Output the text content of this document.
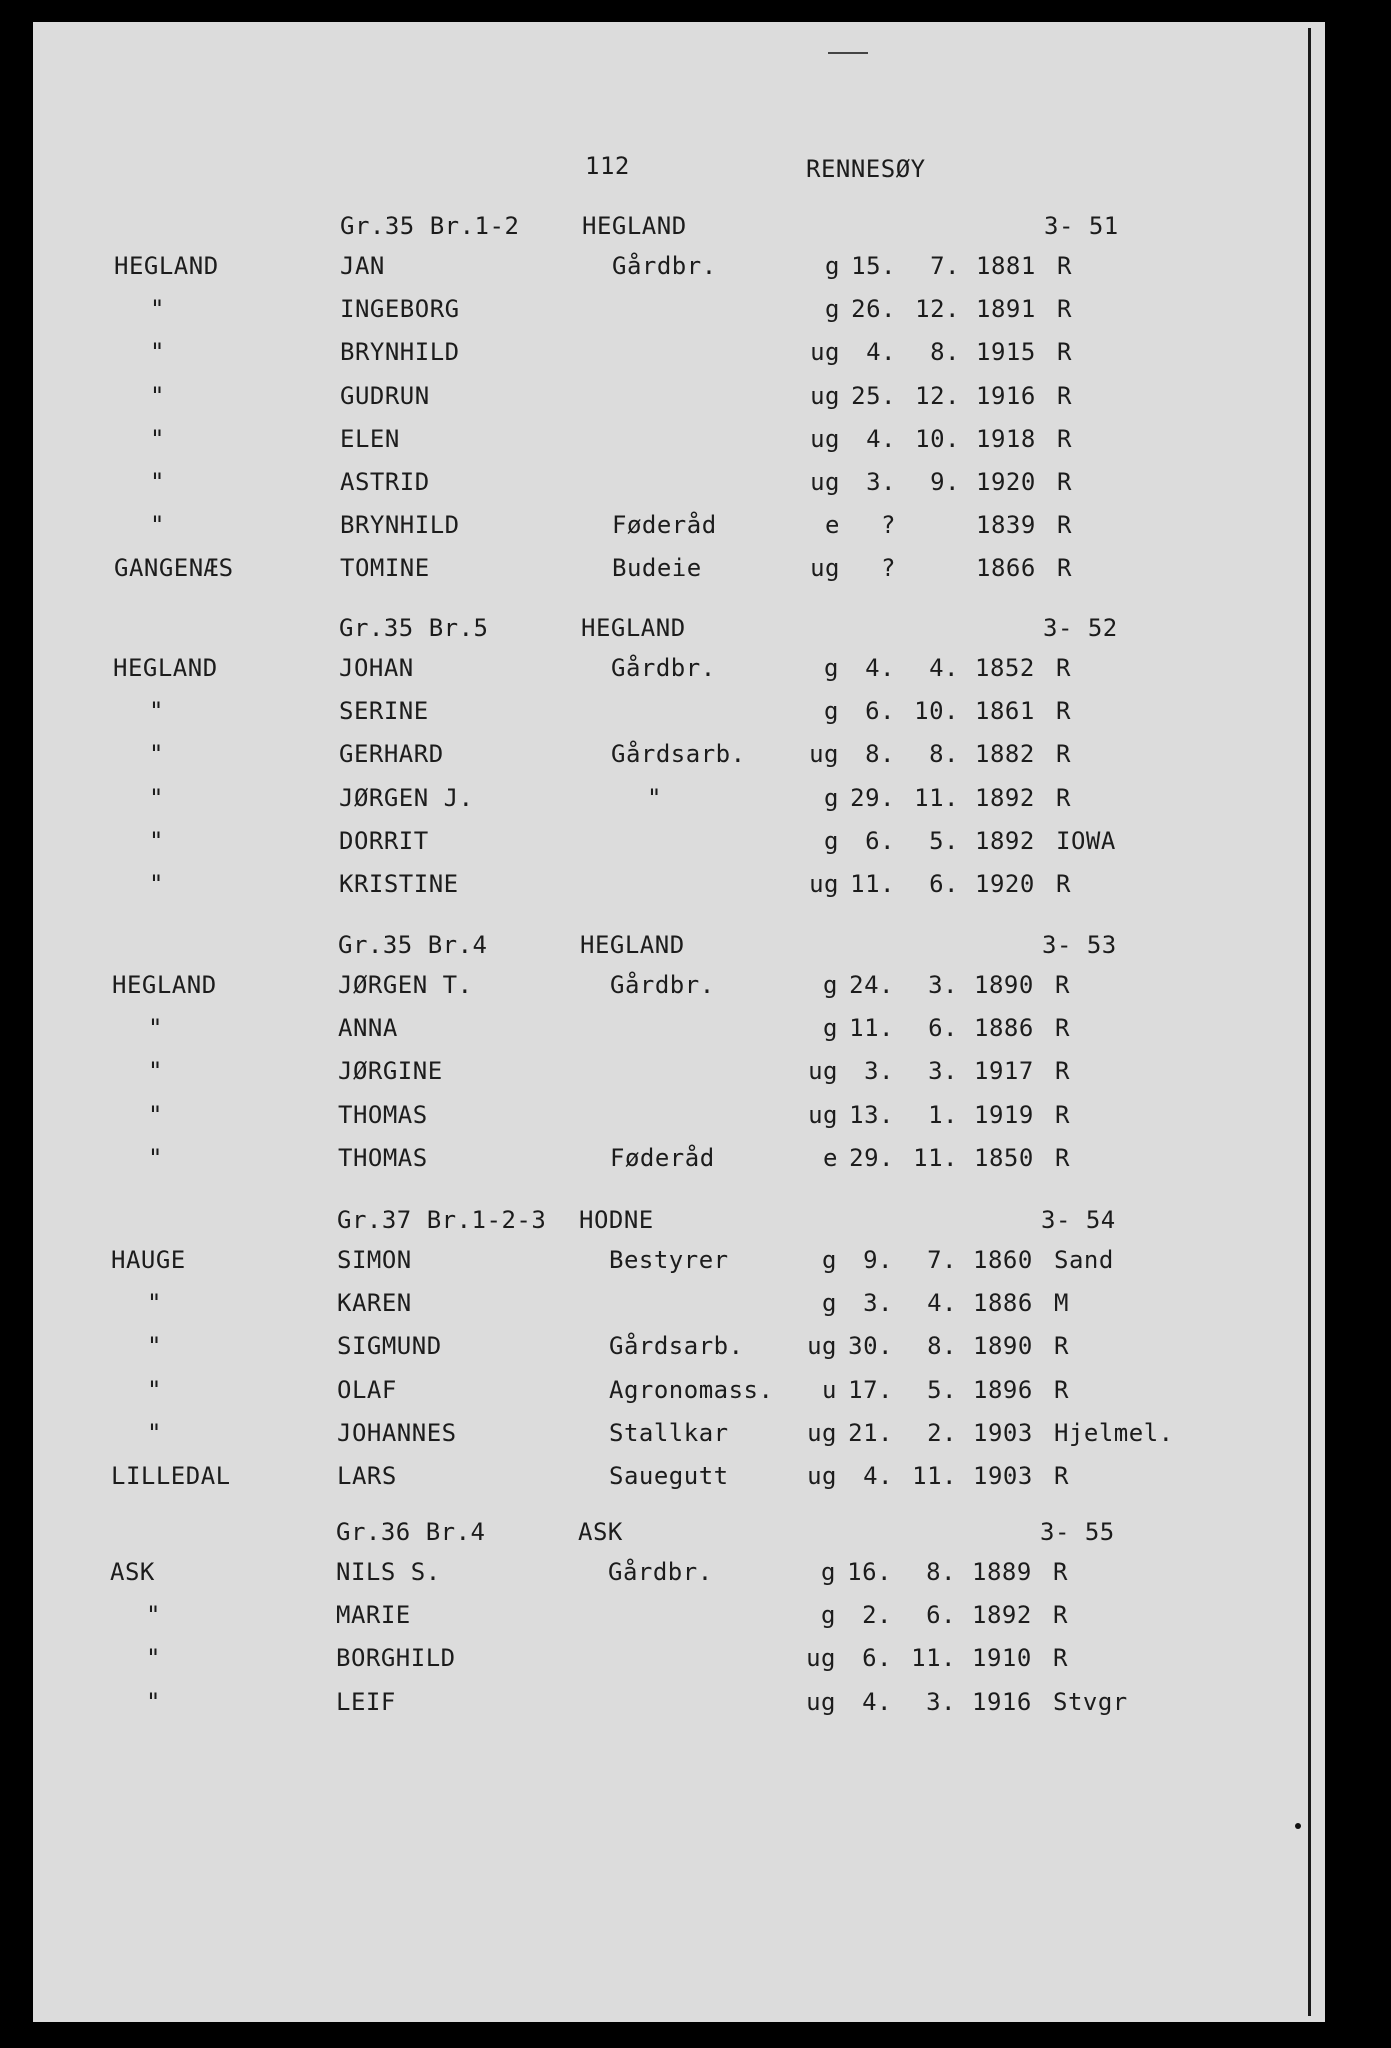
112	RENNESØY
Gr.35 Br.1-2	HEGLAND	3- 51
HEGLAND	JAN	Gårdbr.	g 15.	7. 1881 R
"	INGEBORG	g 26. 12. 1891 R
"	BRYNHILD	ug	4.	8. 1915 R
"	GUDRUN	ug 25. 12. 1916 R
"	ELEN	ug	4. 10. 1918 R
"	ASTRID	ug	3.	9. 1920 R
"	BRYNHILD	Føderåd	e	?	1839 R
GANGENÆS	TOMINE	Budeie	ug	?	1866 R
Gr.35 Br.5	HEGLAND	3- 52
HEGLAND	JOHAN	Gårdbr.	g	4.	4. 1852 R
"	SERINE	g	6. 10. 1861 R
"	GERHARD	Gårdsarb.	ug	8.	8. 1882 R
"	JØRGEN J.	"	g 29. 11. 1892 R
"	DORRIT	g	6.	5. 1892 IOWA
"	KRISTINE	ug 11.	6. 1920 R
Gr.35 Br.4	HEGLAND	3- 53
HEGLAND	JØRGEN T.	Gårdbr.	g 24.	3. 1890 R
"	ANNA	g 11.	6. 1886 R
"	JØRGINE	ug	3.	3. 1917 R
"	THOMAS	ug 13.	1. 1919 R
"	THOMAS	Føderåd	e 29. 11. 1850 R
Gr.37 Br.1-2-3 HODNE	3- 54
HAUGE	SIMON	Bestyrer	g	9.	7. 1860 Sand
"	KAREN	g	3.	4. 1886 M
"	SIGMUND	Gårdsarb.	ug 30.	8. 1890 R
"	OLAF	Agronomass.	u 17.	5. 1896 R
"	JOHANNES	Stallkar	ug 21.	2. 1903 Hjelmel.
LILLEDAL	LARS	Sauegutt	ug	4. 11. 1903 R
Gr.36 Br.4	ASK	3- 55
ASK	NILS S.	Gårdbr.	g 16.	8. 1889 R
"	MARIE	g	2.	6. 1892 R
"	BORGHILD	ug	6. 11. 1910 R
"	LEIF	ug	4.	3. 1916 Stvgr
